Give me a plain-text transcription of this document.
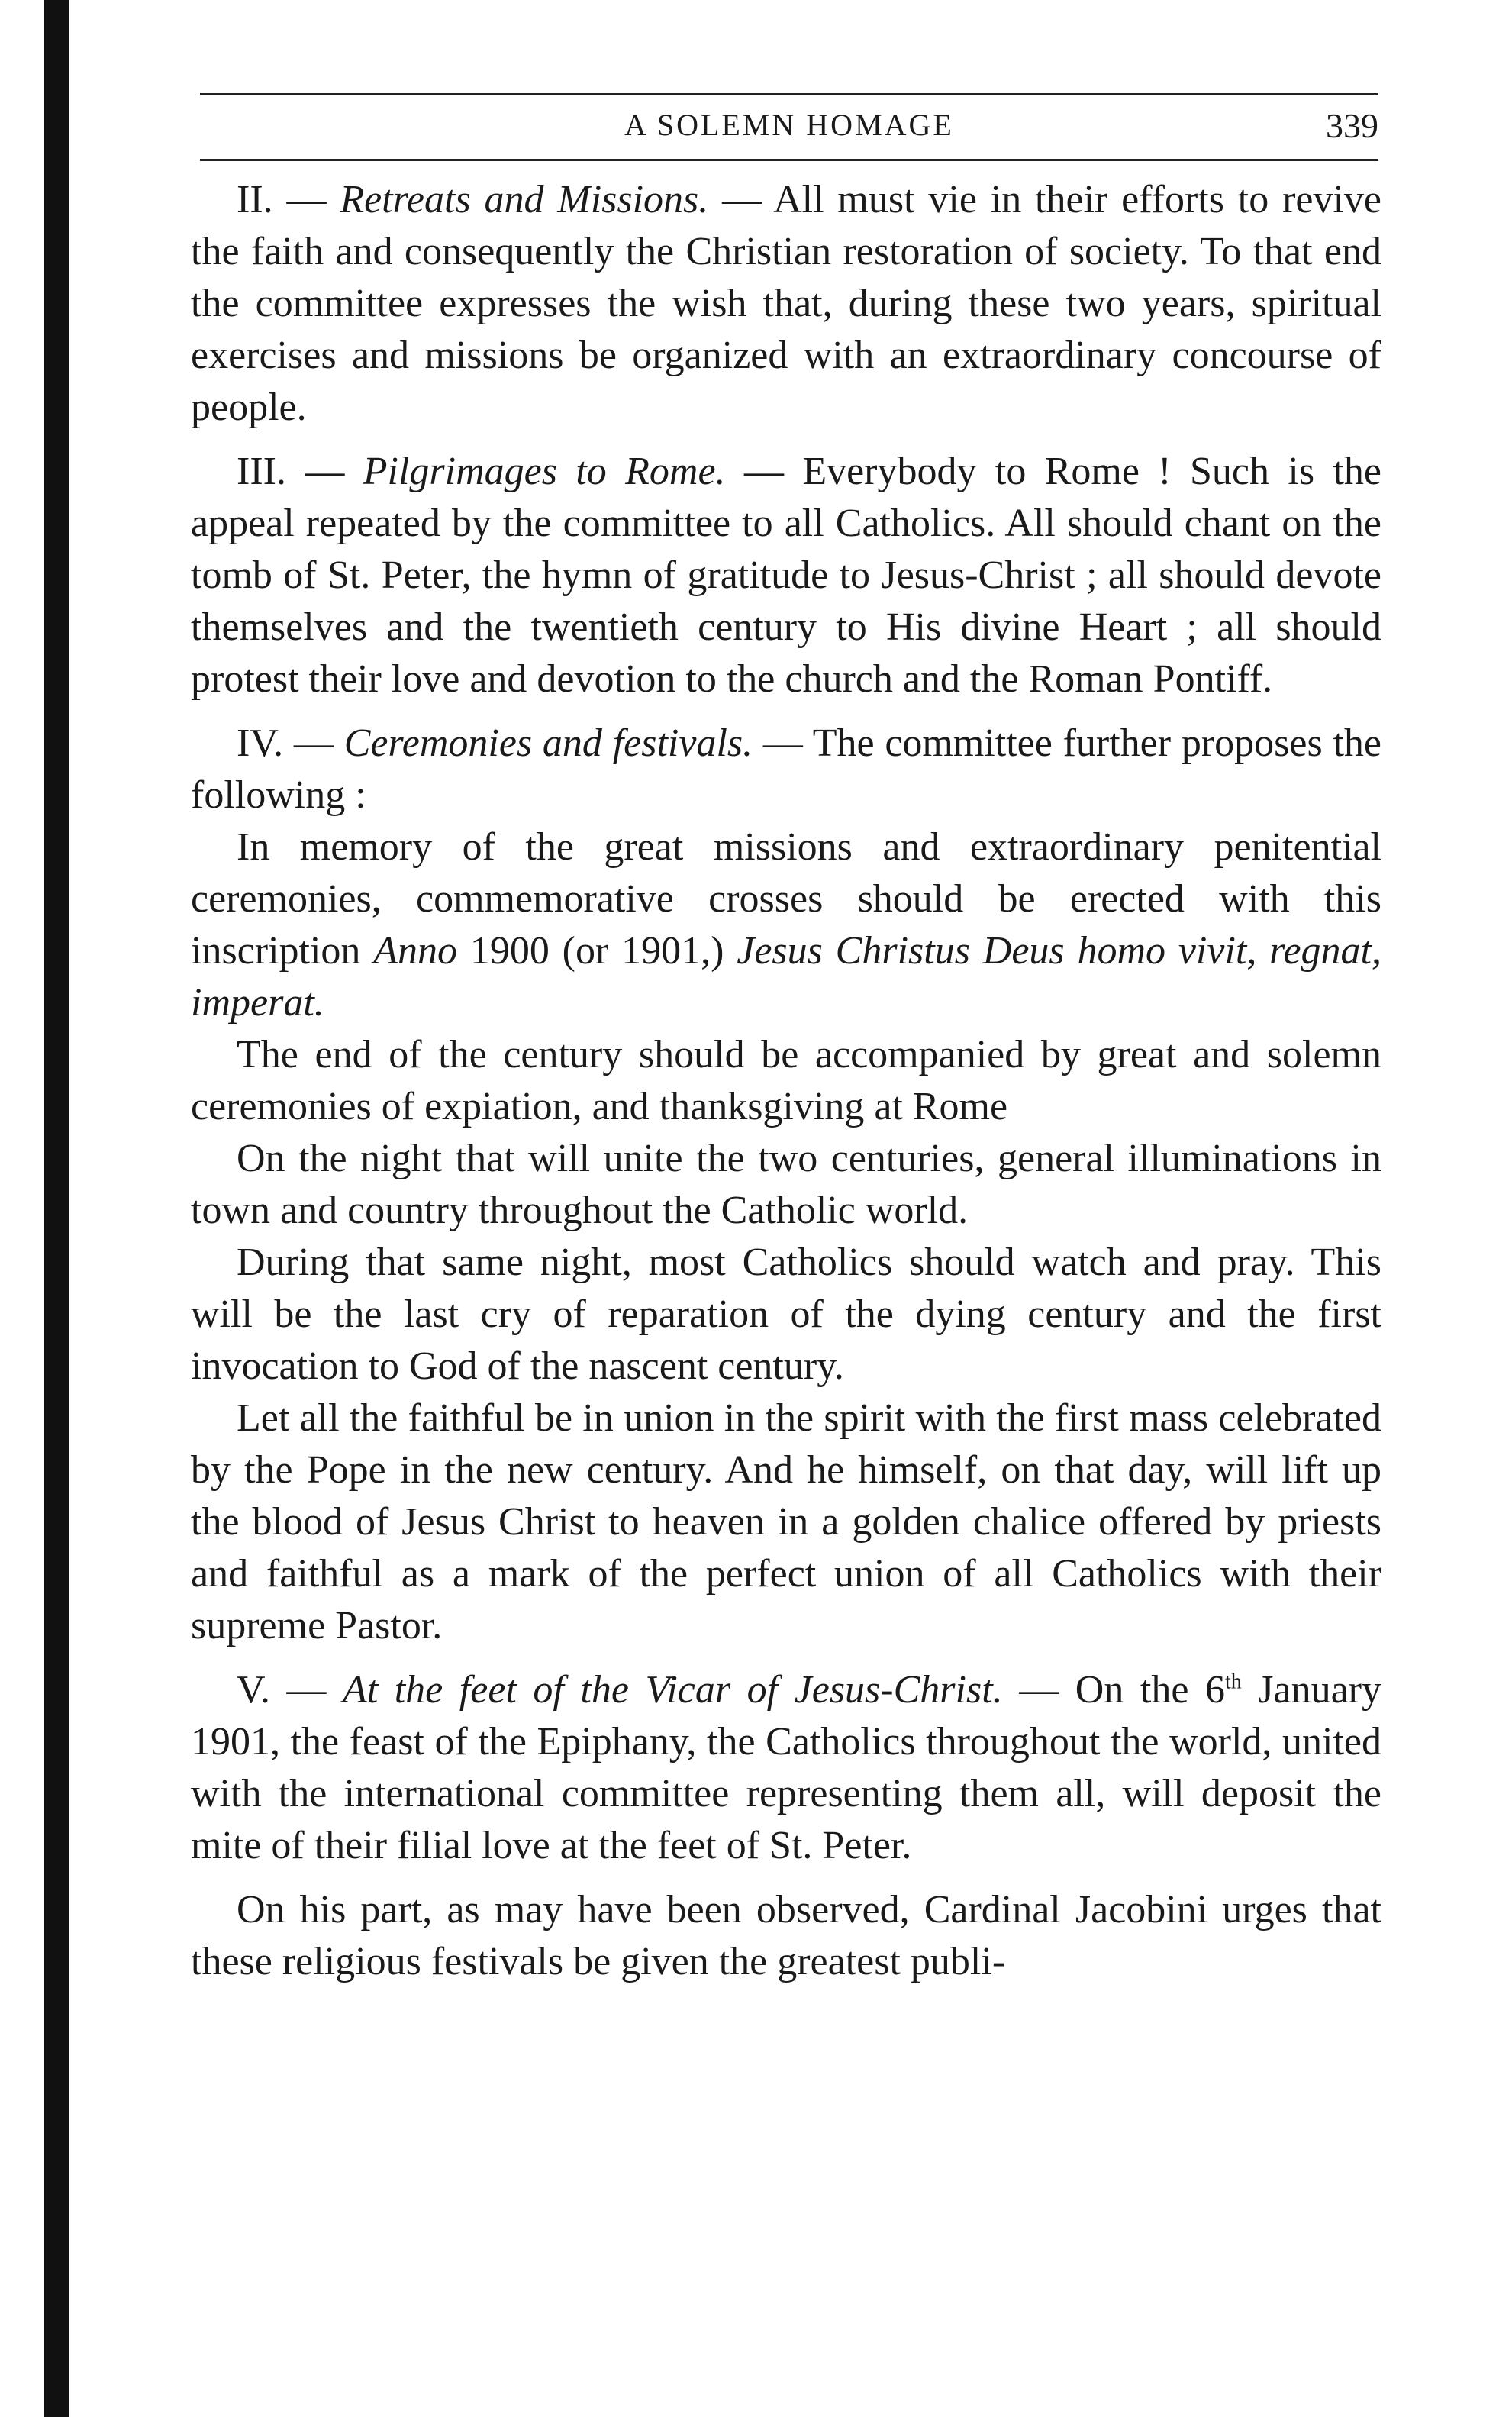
A SOLEMN HOMAGE	339

II. — Retreats and Missions. — All must vie in their efforts to revive the faith and consequently the Christian restoration of society. To that end the committee expresses the wish that, during these two years, spiritual exercises and missions be organized with an extraordinary concourse of people.

III. — Pilgrimages to Rome. — Everybody to Rome ! Such is the appeal repeated by the committee to all Catholics. All should chant on the tomb of St. Peter, the hymn of gratitude to Jesus-Christ ; all should devote themselves and the twentieth century to His divine Heart ; all should protest their love and devotion to the church and the Roman Pontiff.

IV. — Ceremonies and festivals. — The committee further proposes the following :

In memory of the great missions and extraordinary penitential ceremonies, commemorative crosses should be erected with this inscription Anno 1900 (or 1901,) Jesus Christus Deus homo vivit, regnat, imperat.

The end of the century should be accompanied by great and solemn ceremonies of expiation, and thanksgiving at Rome

On the night that will unite the two centuries, general illuminations in town and country throughout the Catholic world.

During that same night, most Catholics should watch and pray. This will be the last cry of reparation of the dying century and the first invocation to God of the nascent century.

Let all the faithful be in union in the spirit with the first mass celebrated by the Pope in the new century. And he himself, on that day, will lift up the blood of Jesus Christ to heaven in a golden chalice offered by priests and faithful as a mark of the perfect union of all Catholics with their supreme Pastor.

V. — At the feet of the Vicar of Jesus-Christ. — On the 6th January 1901, the feast of the Epiphany, the Catholics throughout the world, united with the international committee representing them all, will deposit the mite of their filial love at the feet of St. Peter.

On his part, as may have been observed, Cardinal Jacobini urges that these religious festivals be given the greatest publi-
